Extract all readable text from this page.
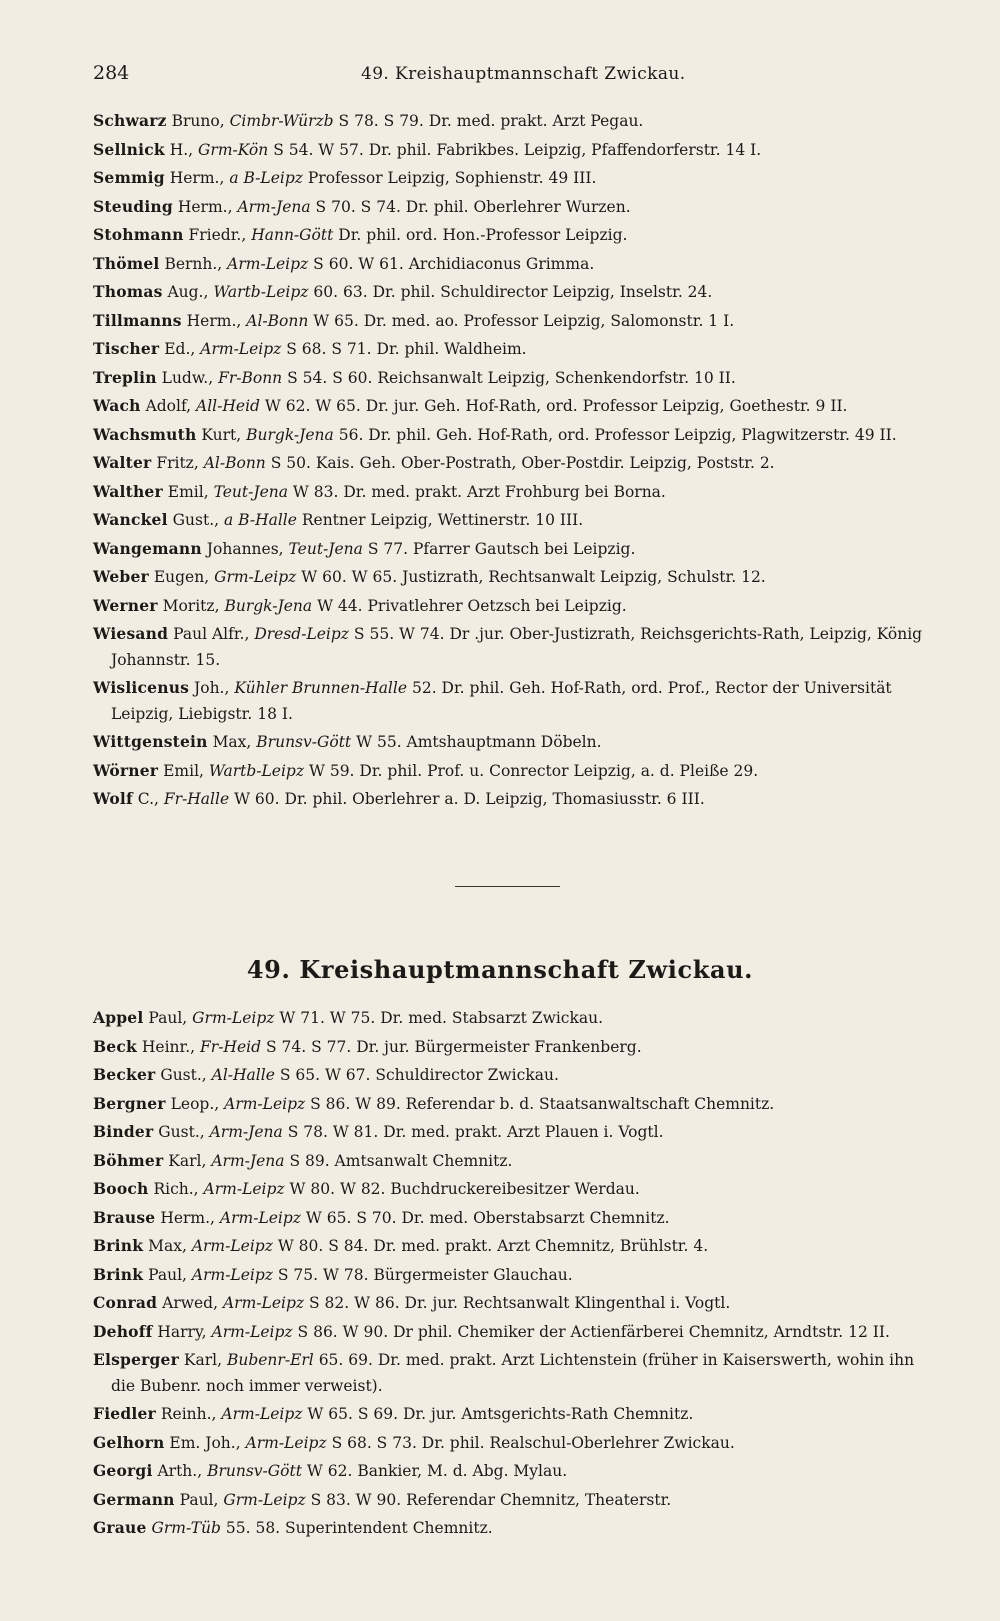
284	49. Kreishauptmannschaft Zwickau.

Schwarz Bruno, Cimbr-Würzb S 78. S 79. Dr. med. prakt. Arzt Pegau.

Sellnick H., Grm-Kön S 54. W 57. Dr. phil. Fabrikbes. Leipzig, Pfaffendorferstr. 14 I.

Semmig Herm., a B-Leipz Professor Leipzig, Sophienstr. 49 III.

Steuding Herm., Arm-Jena S 70. S 74. Dr. phil. Oberlehrer Wurzen.

Stohmann Friedr., Hann-Gött Dr. phil. ord. Hon.-Professor Leipzig.

Thömel Bernh., Arm-Leipz S 60. W 61. Archidiaconus Grimma.

Thomas Aug., Wartb-Leipz 60. 63. Dr. phil. Schuldirector Leipzig, Inselstr. 24.

Tillmanns Herm., Al-Bonn W 65. Dr. med. ao. Professor Leipzig, Salomonstr. 1 I.

Tischer Ed., Arm-Leipz S 68. S 71. Dr. phil. Waldheim.

Treplin Ludw., Fr-Bonn S 54. S 60. Reichsanwalt Leipzig, Schenkendorfstr. 10 II.

Wach Adolf, All-Heid W 62. W 65. Dr. jur. Geh. Hof-Rath, ord. Professor Leipzig, Goethestr. 9 II.

Wachsmuth Kurt, Burgk-Jena 56. Dr. phil. Geh. Hof-Rath, ord. Professor Leipzig, Plagwitzerstr. 49 II.

Walter Fritz, Al-Bonn S 50. Kais. Geh. Ober-Postrath, Ober-Postdir. Leipzig, Poststr. 2.

Walther Emil, Teut-Jena W 83. Dr. med. prakt. Arzt Frohburg bei Borna.

Wanckel Gust., a B-Halle Rentner Leipzig, Wettinerstr. 10 III.

Wangemann Johannes, Teut-Jena S 77. Pfarrer Gautsch bei Leipzig.

Weber Eugen, Grm-Leipz W 60. W 65. Justizrath, Rechtsanwalt Leipzig, Schulstr. 12.

Werner Moritz, Burgk-Jena W 44. Privatlehrer Oetzsch bei Leipzig.

Wiesand Paul Alfr., Dresd-Leipz S 55. W 74. Dr .jur. Ober-Justizrath, Reichsgerichts-Rath, Leipzig, König Johannstr. 15.

Wislicenus Joh., Kühler Brunnen-Halle 52. Dr. phil. Geh. Hof-Rath, ord. Prof., Rector der Universität Leipzig, Liebigstr. 18 I.

Wittgenstein Max, Brunsv-Gött W 55. Amtshauptmann Döbeln.

Wörner Emil, Wartb-Leipz W 59. Dr. phil. Prof. u. Conrector Leipzig, a. d. Pleiße 29.

Wolf C., Fr-Halle W 60. Dr. phil. Oberlehrer a. D. Leipzig, Thomasiusstr. 6 III.

49. Kreishauptmannschaft Zwickau.

Appel Paul, Grm-Leipz W 71. W 75. Dr. med. Stabsarzt Zwickau.

Beck Heinr., Fr-Heid S 74. S 77. Dr. jur. Bürgermeister Frankenberg.

Becker Gust., Al-Halle S 65. W 67. Schuldirector Zwickau.

Bergner Leop., Arm-Leipz S 86. W 89. Referendar b. d. Staatsanwaltschaft Chemnitz.

Binder Gust., Arm-Jena S 78. W 81. Dr. med. prakt. Arzt Plauen i. Vogtl.

Böhmer Karl, Arm-Jena S 89. Amtsanwalt Chemnitz.

Booch Rich., Arm-Leipz W 80. W 82. Buchdruckereibesitzer Werdau.

Brause Herm., Arm-Leipz W 65. S 70. Dr. med. Oberstabsarzt Chemnitz.

Brink Max, Arm-Leipz W 80. S 84. Dr. med. prakt. Arzt Chemnitz, Brühlstr. 4.

Brink Paul, Arm-Leipz S 75. W 78. Bürgermeister Glauchau.

Conrad Arwed, Arm-Leipz S 82. W 86. Dr. jur. Rechtsanwalt Klingenthal i. Vogtl.

Dehoff Harry, Arm-Leipz S 86. W 90. Dr phil. Chemiker der Actienfärberei Chemnitz, Arndtstr. 12 II.

Elsperger Karl, Bubenr-Erl 65. 69. Dr. med. prakt. Arzt Lichtenstein (früher in Kaiserswerth, wohin ihn die Bubenr. noch immer verweist).

Fiedler Reinh., Arm-Leipz W 65. S 69. Dr. jur. Amtsgerichts-Rath Chemnitz.

Gelhorn Em. Joh., Arm-Leipz S 68. S 73. Dr. phil. Realschul-Oberlehrer Zwickau.

Georgi Arth., Brunsv-Gött W 62. Bankier, M. d. Abg. Mylau.

Germann Paul, Grm-Leipz S 83. W 90. Referendar Chemnitz, Theaterstr.

Graue Grm-Tüb 55. 58. Superintendent Chemnitz.
